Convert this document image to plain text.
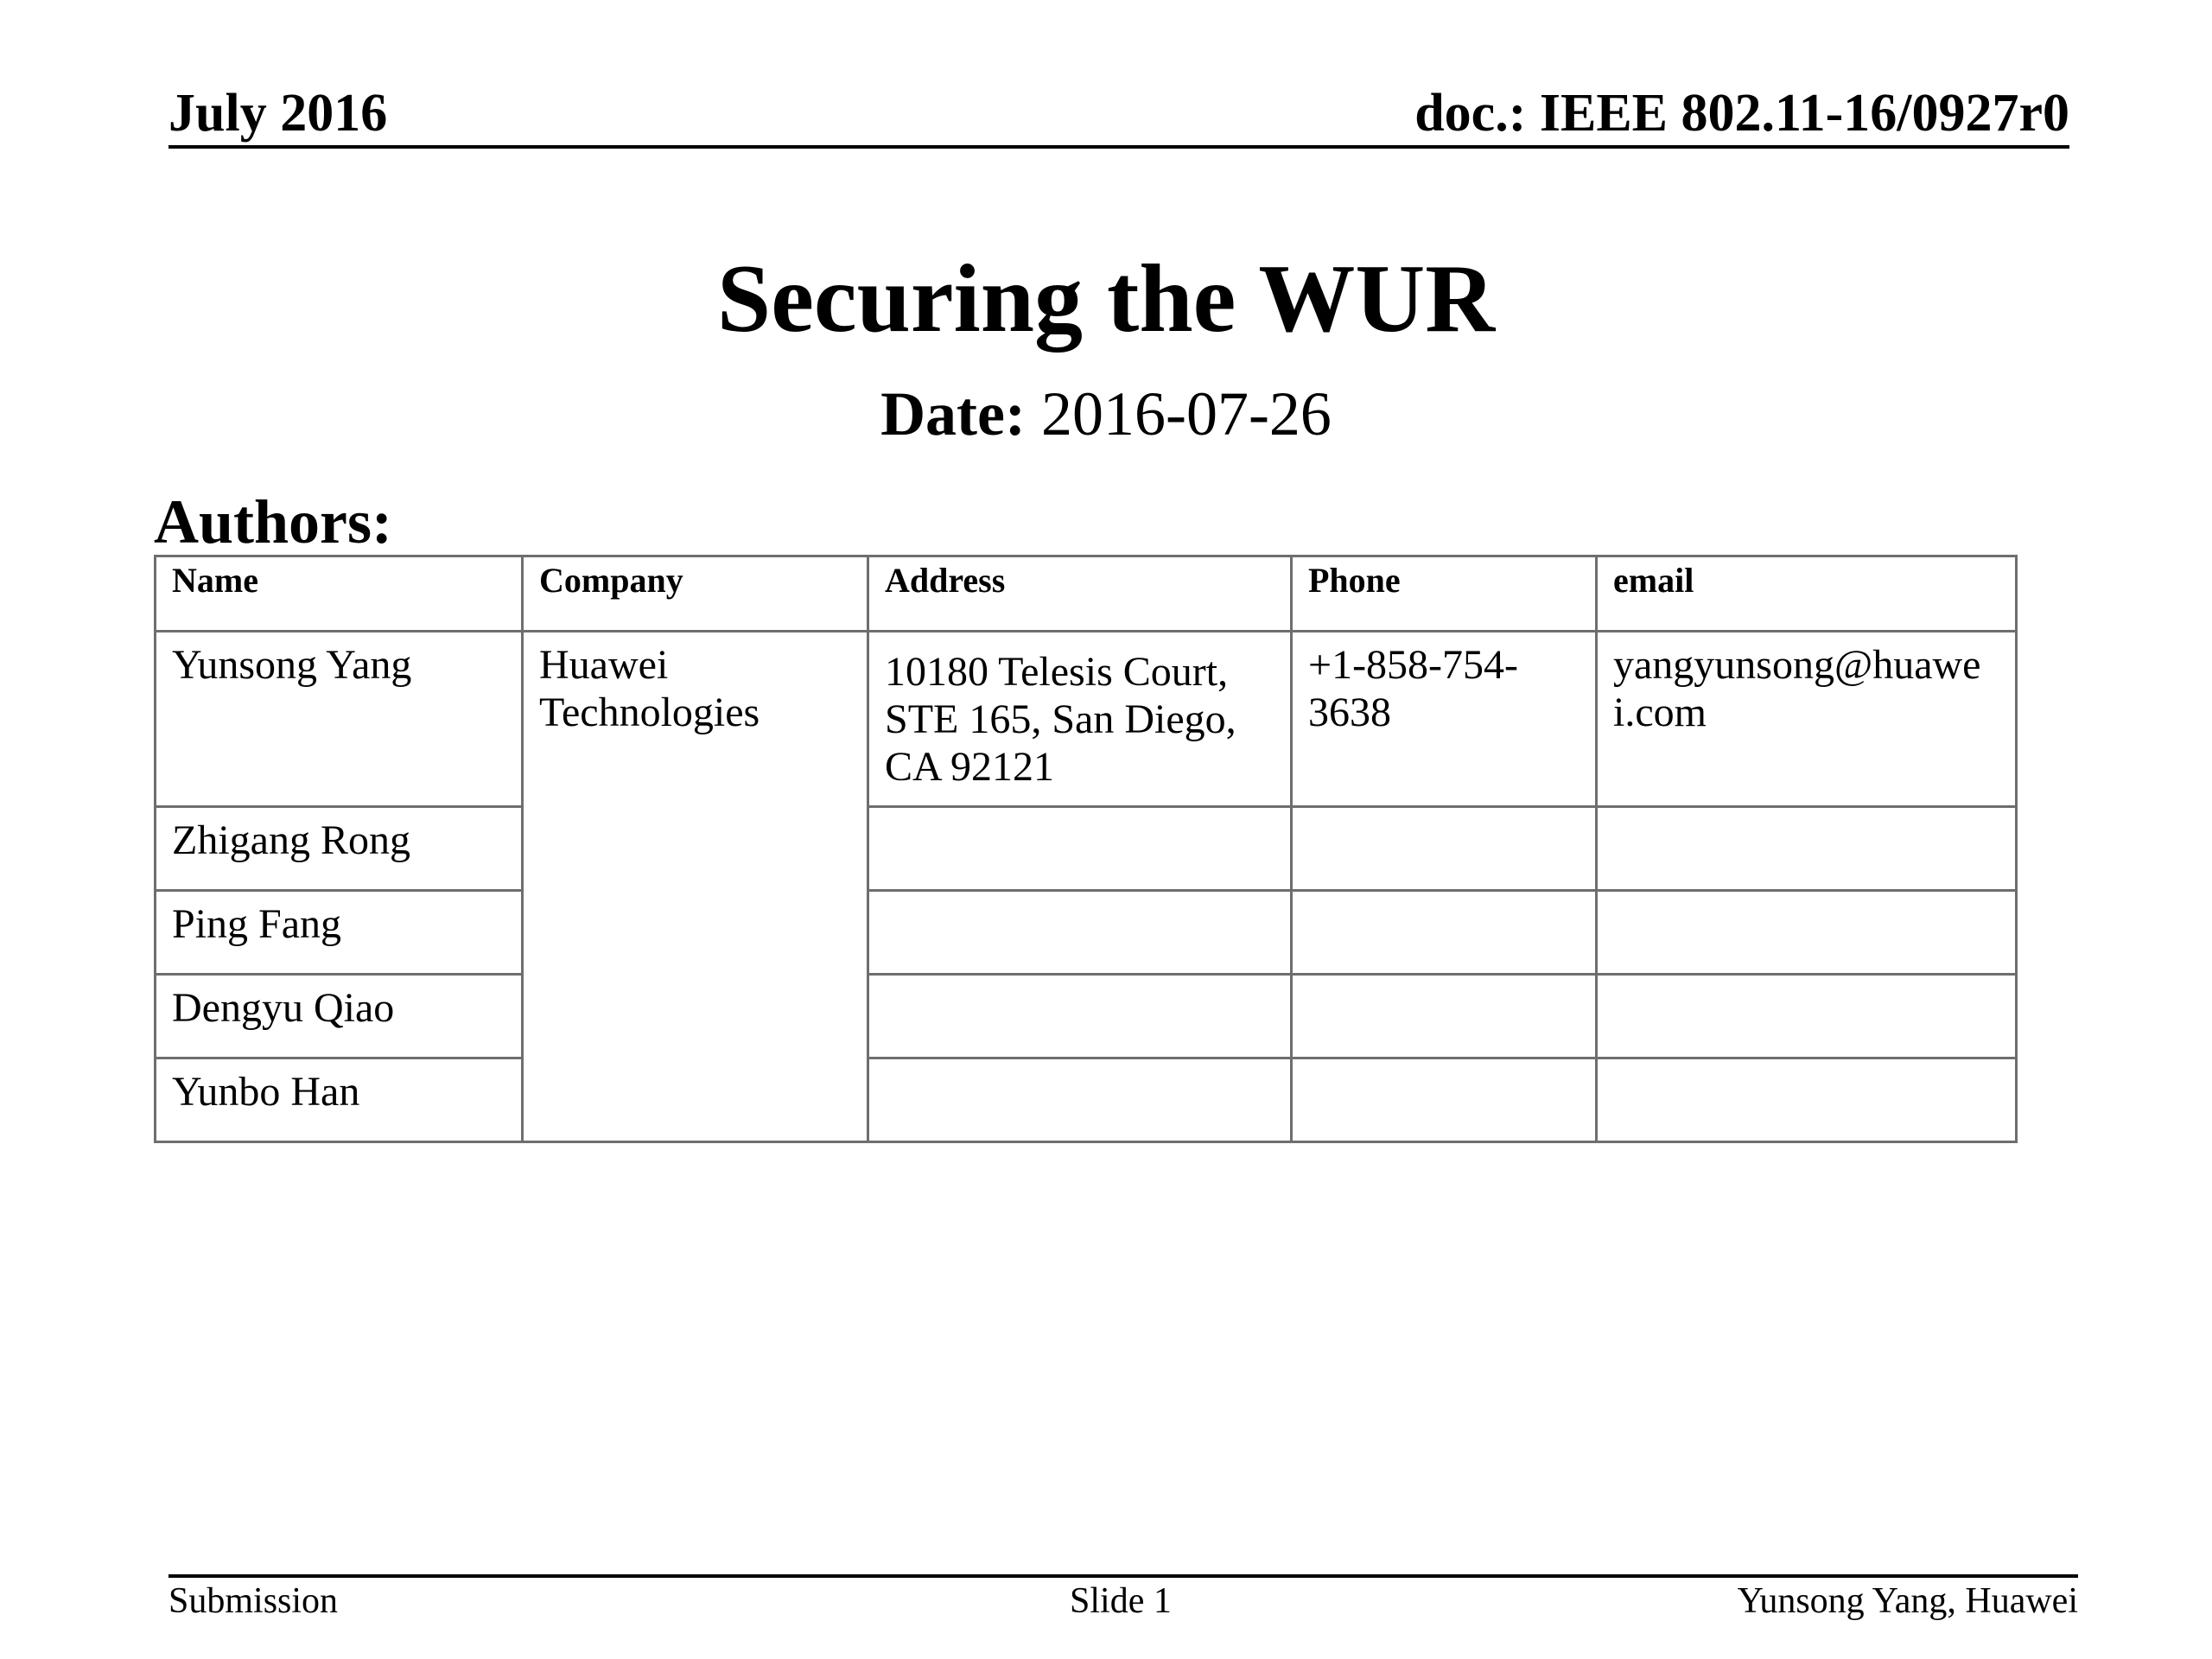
July 2016	doc.: IEEE 802.11-16/0927r0
Securing the WUR
Date: 2016-07-26
Authors:
Name	Company	Address	Phone	email
Yunsong Yang	Huawei Technologies	10180 Telesis Court, STE 165, San Diego, CA 92121	+1-858-754-3638	yangyunsong@huawei.com
Zhigang Rong				
Ping Fang				
Dengyu Qiao				
Yunbo Han				
Submission	Slide 1	Yunsong Yang, Huawei
